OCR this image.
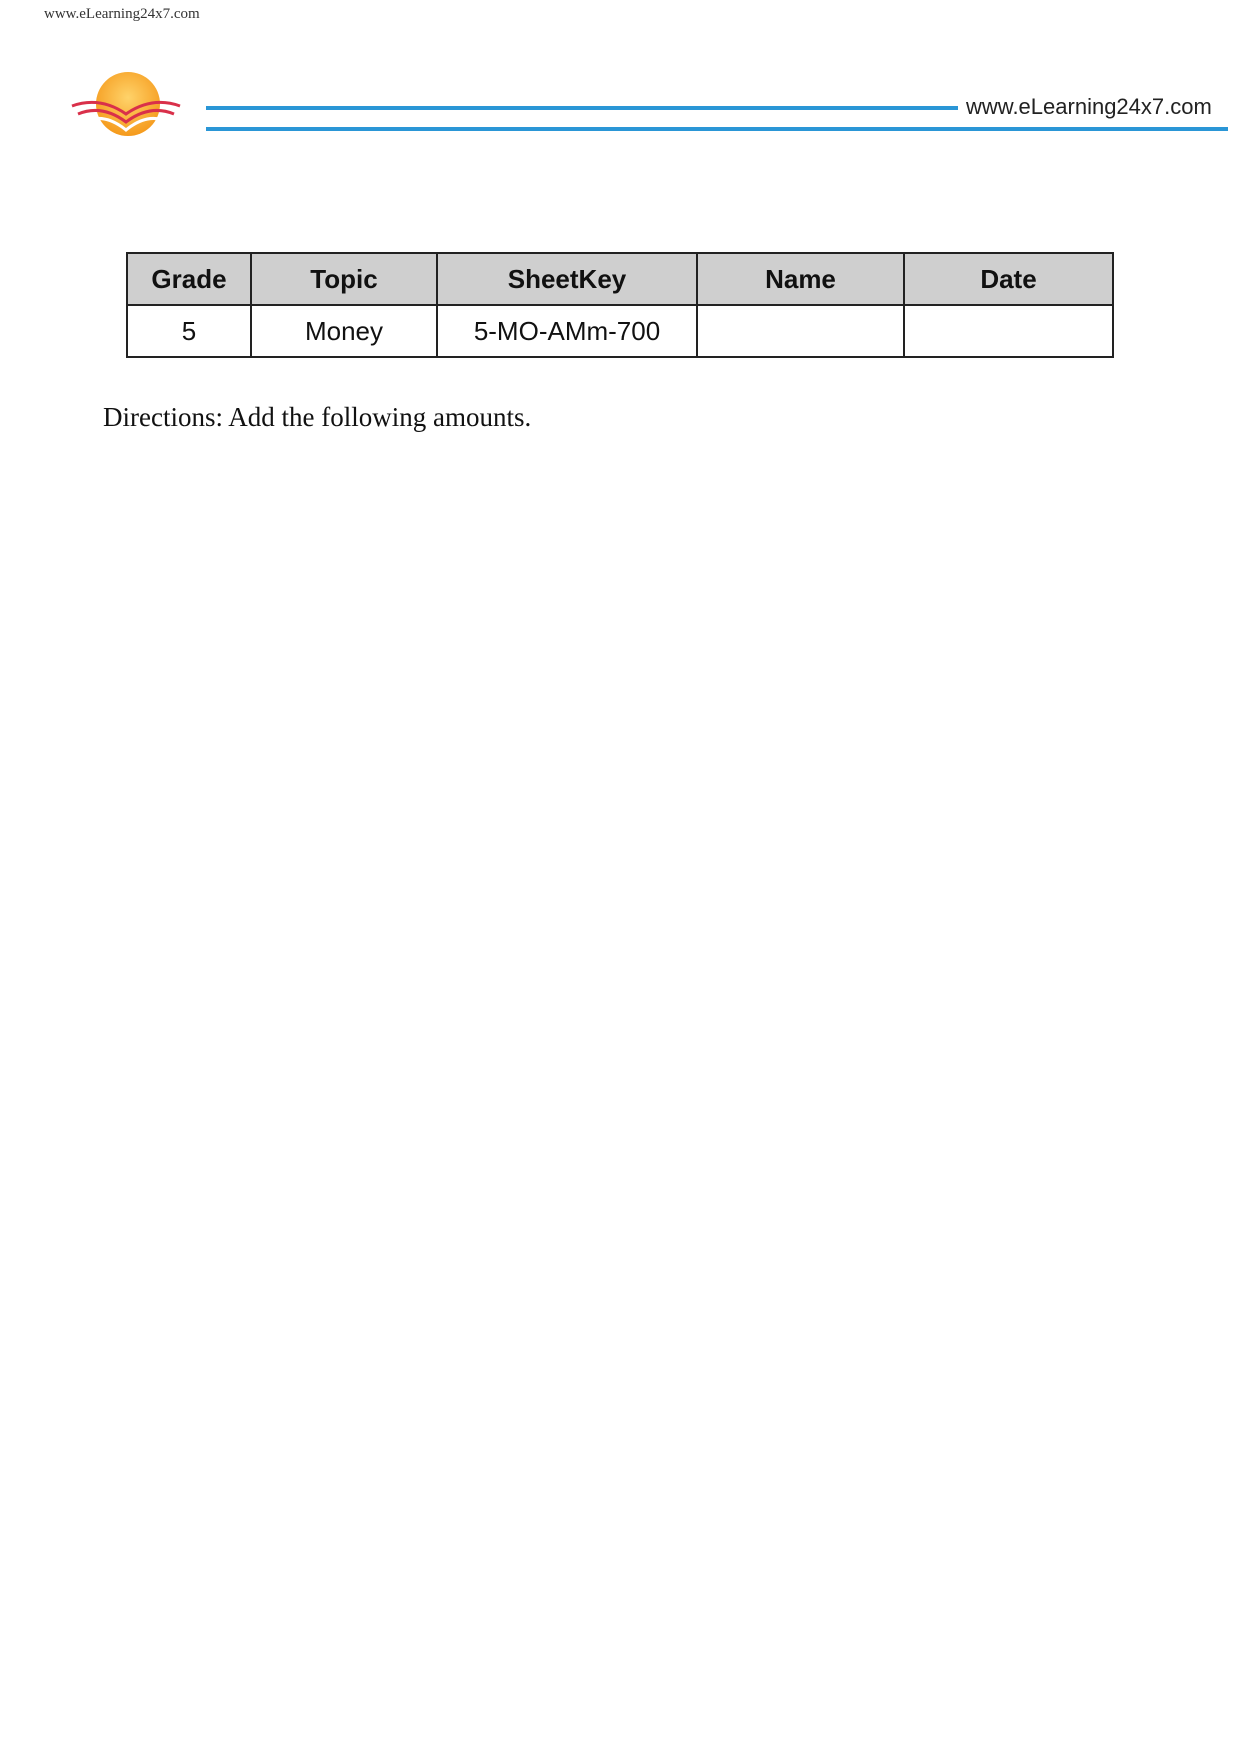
www.eLearning24x7.com
www.eLearning24x7.com
Grade	Topic	SheetKey	Name	Date
5	Money	5-MO-AMm-700		
Directions: Add the following amounts.
